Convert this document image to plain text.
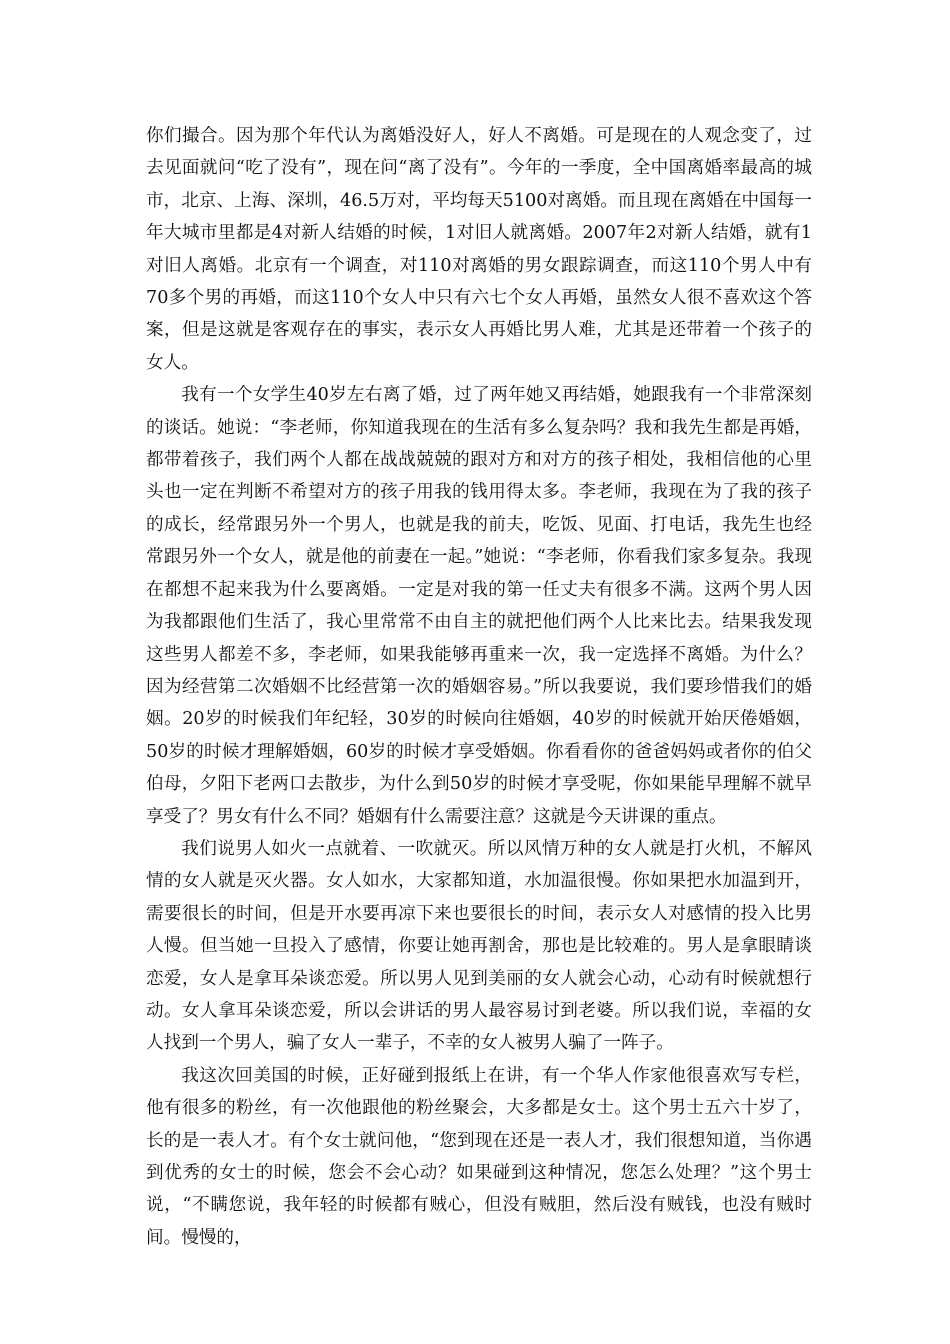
你们撮合。因为那个年代认为离婚没好人，好人不离婚。可是现在的人观念变了，过去见面就问“吃了没有”，现在问“离了没有”。今年的一季度，全中国离婚率最高的城市，北京、上海、深圳，46.5万对，平均每天5100对离婚。而且现在离婚在中国每一年大城市里都是4对新人结婚的时候，1对旧人就离婚。2007年2对新人结婚，就有1对旧人离婚。北京有一个调查，对110对离婚的男女跟踪调查，而这110个男人中有70多个男的再婚，而这110个女人中只有六七个女人再婚，虽然女人很不喜欢这个答案，但是这就是客观存在的事实，表示女人再婚比男人难，尤其是还带着一个孩子的女人。

我有一个女学生40岁左右离了婚，过了两年她又再结婚，她跟我有一个非常深刻的谈话。她说：“李老师，你知道我现在的生活有多么复杂吗？我和我先生都是再婚，都带着孩子，我们两个人都在战战兢兢的跟对方和对方的孩子相处，我相信他的心里头也一定在判断不希望对方的孩子用我的钱用得太多。李老师，我现在为了我的孩子的成长，经常跟另外一个男人，也就是我的前夫，吃饭、见面、打电话，我先生也经常跟另外一个女人，就是他的前妻在一起。”她说：“李老师，你看我们家多复杂。我现在都想不起来我为什么要离婚。一定是对我的第一任丈夫有很多不满。这两个男人因为我都跟他们生活了，我心里常常不由自主的就把他们两个人比来比去。结果我发现这些男人都差不多，李老师，如果我能够再重来一次，我一定选择不离婚。为什么？因为经营第二次婚姻不比经营第一次的婚姻容易。”所以我要说，我们要珍惜我们的婚姻。20岁的时候我们年纪轻，30岁的时候向往婚姻，40岁的时候就开始厌倦婚姻，50岁的时候才理解婚姻，60岁的时候才享受婚姻。你看看你的爸爸妈妈或者你的伯父伯母，夕阳下老两口去散步，为什么到50岁的时候才享受呢，你如果能早理解不就早享受了？男女有什么不同？婚姻有什么需要注意？这就是今天讲课的重点。

我们说男人如火一点就着、一吹就灭。所以风情万种的女人就是打火机，不解风情的女人就是灭火器。女人如水，大家都知道，水加温很慢。你如果把水加温到开，需要很长的时间，但是开水要再凉下来也要很长的时间，表示女人对感情的投入比男人慢。但当她一旦投入了感情，你要让她再割舍，那也是比较难的。男人是拿眼睛谈恋爱，女人是拿耳朵谈恋爱。所以男人见到美丽的女人就会心动，心动有时候就想行动。女人拿耳朵谈恋爱，所以会讲话的男人最容易讨到老婆。所以我们说，幸福的女人找到一个男人，骗了女人一辈子，不幸的女人被男人骗了一阵子。

我这次回美国的时候，正好碰到报纸上在讲，有一个华人作家他很喜欢写专栏，他有很多的粉丝，有一次他跟他的粉丝聚会，大多都是女士。这个男士五六十岁了，长的是一表人才。有个女士就问他，“您到现在还是一表人才，我们很想知道，当你遇到优秀的女士的时候，您会不会心动？如果碰到这种情况，您怎么处理？”这个男士说，“不瞒您说，我年轻的时候都有贼心，但没有贼胆，然后没有贼钱，也没有贼时间。慢慢的，
